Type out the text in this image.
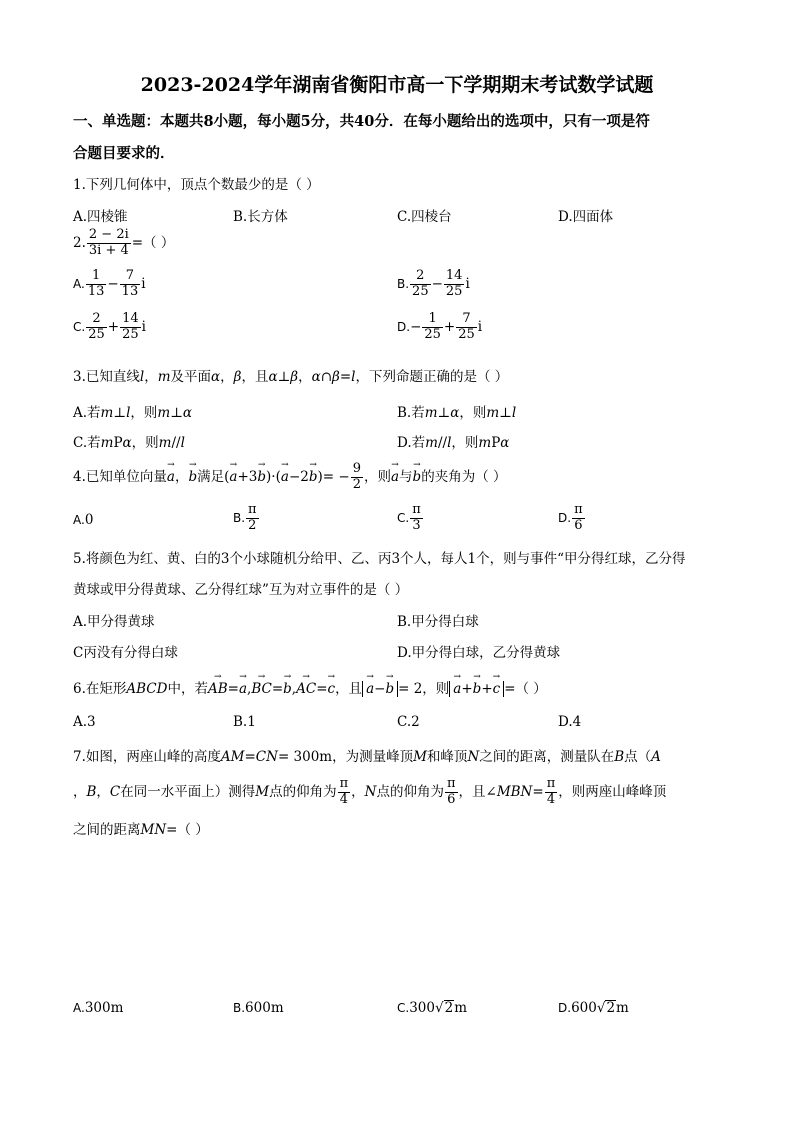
2023-2024学年湖南省衡阳市高一下学期期末考试数学试题
一、单选题：本题共8小题，每小题5分，共40分．在每小题给出的选项中，只有一项是符
合题目要求的．
1.下列几何体中，顶点个数最少的是（ ）
A.四棱锥	B.长方体	C.四棱台	D.四面体
2. $\frac{2 - 2i}{3i + 4}$ =（ ）
A. $\frac{1}{13} - \frac{7}{13}$ i	B. $\frac{2}{25} - \frac{14}{25}$ i
C. $\frac{2}{25} + \frac{14}{25}$ i	$D.- \frac{1}{25} + \frac{7}{25}$ i
3.已知直线l，m及平面α，β，且α⊥β，α∩β=l，下列命题正确的是（ ）
A.若m⊥l，则m⊥α	B.若m⊥α，则m⊥l
C.若mPα，则m//l	D.若m//l，则mPα
4.已知单位向量→ a，→ b满足(→ $a+3\to b)\cdot(\to a-2\to b)= - \frac{9}{2}$ ，则→ a与→ b的夹角为（ ）
A.0	B. $\frac{\pi}{2}$	C. $\frac{\pi}{3}$	D. $\frac{\pi}{6}$
5.将颜色为红、黄、白的3个小球随机分给甲、乙、丙3个人，每人1个，则与事件“甲分得红球，乙分得
黄球或甲分得黄球、乙分得红球”互为对立事件的是（ ）
A.甲分得黄球	B.甲分得白球
C丙没有分得白球	D.甲分得白球，乙分得黄球
6.在矩形ABCD中，若→ AB=→ a,→ BC=→ b,→ AC=→ c，且 → a−→ b = 2，则 → a+→ b+→ c =（ ）
A.3	B.1	C.2	D.4
7.如图，两座山峰的高度AM=CN= 300m，为测量峰顶M和峰顶N之间的距离，测量队在B点（A
，B，C在同一水平面上）测得M点的仰角为 $\frac{\pi}{4}$ ，N点的仰角为 $\frac{\pi}{6}$ ，且∠MBN= $\frac{\pi}{4}$ ，则两座山峰峰顶
之间的距离MN=（ ）
A.300m	B.600m	C.300√2m	D.600√2m
